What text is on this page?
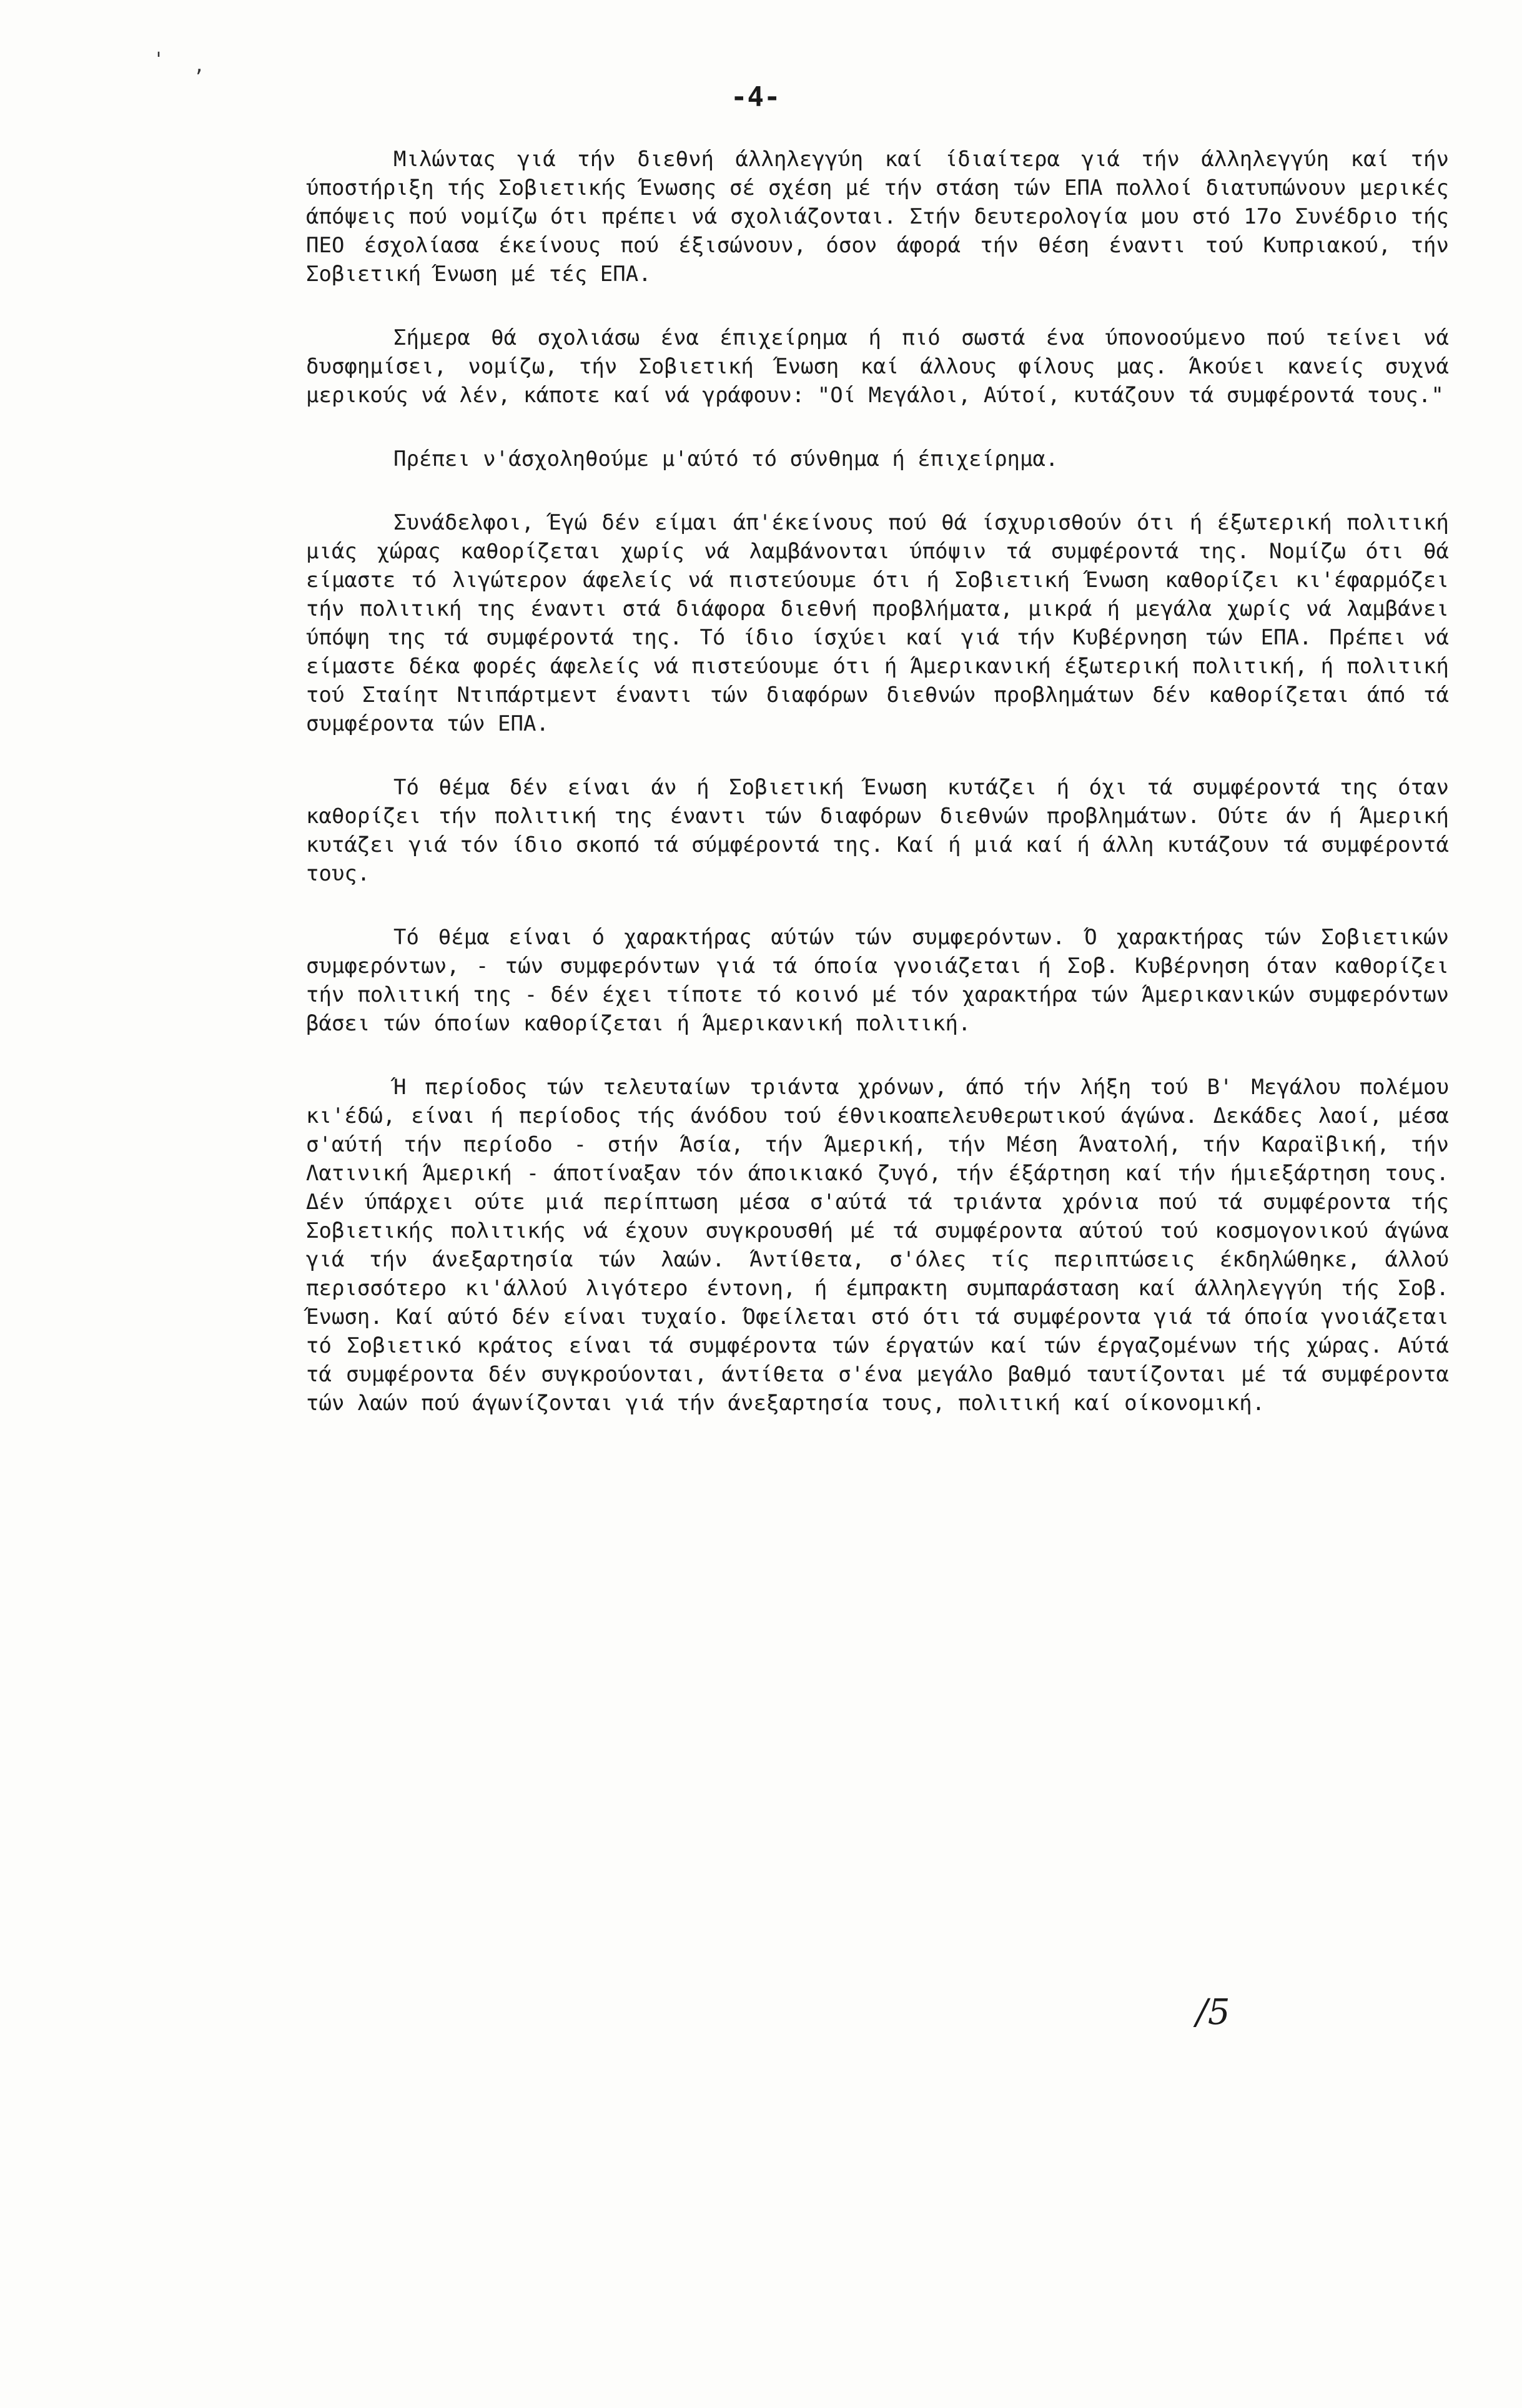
' ,
-4-

Μιλώντας γιά τήν διεθνή άλληλεγγύη καί ίδιαίτερα γιά τήν άλληλεγγύη καί τήν ύποστήριξη τής Σοβιετικής Ένωσης σέ σχέση μέ τήν στάση τών ΕΠΑ πολλοί διατυπώνουν μερικές άπόψεις πού νομίζω ότι πρέπει νά σχολιάζονται. Στήν δευτερολογία μου στό 17ο Συνέδριο τής ΠΕΟ έσχολίασα έκείνους πού έξισώνουν, όσον άφορά τήν θέση έναντι τού Κυπριακού, τήν Σοβιετική Ένωση μέ τές ΕΠΑ.

Σήμερα θά σχολιάσω ένα έπιχείρημα ή πιό σωστά ένα ύπονοούμενο πού τείνει νά δυσφημίσει, νομίζω, τήν Σοβιετική Ένωση καί άλλους φίλους μας. Άκούει κανείς συχνά μερικούς νά λέν, κάποτε καί νά γράφουν: "Οί Μεγάλοι, Αύτοί, κυτάζουν τά συμφέροντά τους."

Πρέπει ν'άσχοληθούμε μ'αύτό τό σύνθημα ή έπιχείρημα.

Συνάδελφοι, Έγώ δέν είμαι άπ'έκείνους πού θά ίσχυρισθούν ότι ή έξωτερική πολιτική μιάς χώρας καθορίζεται χωρίς νά λαμβάνονται ύπόψιν τά συμφέροντά της. Νομίζω ότι θά είμαστε τό λιγώτερον άφελείς νά πιστεύουμε ότι ή Σοβιετική Ένωση καθορίζει κι'έφαρμόζει τήν πολιτική της έναντι στά διάφορα διεθνή προβλήματα, μικρά ή μεγάλα χωρίς νά λαμβάνει ύπόψη της τά συμφέροντά της. Τό ίδιο ίσχύει καί γιά τήν Κυβέρνηση τών ΕΠΑ. Πρέπει νά είμαστε δέκα φορές άφελείς νά πιστεύουμε ότι ή Άμερικανική έξωτερική πολιτική, ή πολιτική τού Σταίητ Ντιπάρτμεντ έναντι τών διαφόρων διεθνών προβλημάτων δέν καθορίζεται άπό τά συμφέροντα τών ΕΠΑ.

Τό θέμα δέν είναι άν ή Σοβιετική Ένωση κυτάζει ή όχι τά συμφέροντά της όταν καθορίζει τήν πολιτική της έναντι τών διαφόρων διεθνών προβλημάτων. Ούτε άν ή Άμερική κυτάζει γιά τόν ίδιο σκοπό τά σύμφέροντά της. Καί ή μιά καί ή άλλη κυτάζουν τά συμφέροντά τους.

Τό θέμα είναι ό χαρακτήρας αύτών τών συμφερόντων. Ό χαρακτήρας τών Σοβιετικών συμφερόντων, - τών συμφερόντων γιά τά όποία γνοιάζεται ή Σοβ. Κυβέρνηση όταν καθορίζει τήν πολιτική της - δέν έχει τίποτε τό κοινό μέ τόν χαρακτήρα τών Άμερικανικών συμφερόντων βάσει τών όποίων καθορίζεται ή Άμερικανική πολιτική.

Ή περίοδος τών τελευταίων τριάντα χρόνων, άπό τήν λήξη τού Β' Μεγάλου πολέμου κι'έδώ, είναι ή περίοδος τής άνόδου τού έθνικοαπελευθερωτικού άγώνα. Δεκάδες λαοί, μέσα σ'αύτή τήν περίοδο - στήν Άσία, τήν Άμερική, τήν Μέση Άνατολή, τήν Καραϊβική, τήν Λατινική Άμερική - άποτίναξαν τόν άποικιακό ζυγό, τήν έξάρτηση καί τήν ήμιεξάρτηση τους. Δέν ύπάρχει ούτε μιά περίπτωση μέσα σ'αύτά τά τριάντα χρόνια πού τά συμφέροντα τής Σοβιετικής πολιτικής νά έχουν συγκρουσθή μέ τά συμφέροντα αύτού τού κοσμογονικού άγώνα γιά τήν άνεξαρτησία τών λαών. Άντίθετα, σ'όλες τίς περιπτώσεις έκδηλώθηκε, άλλού περισσότερο κι'άλλού λιγότερο έντονη, ή έμπρακτη συμπαράσταση καί άλληλεγγύη τής Σοβ. Ένωση. Καί αύτό δέν είναι τυχαίο. Όφείλεται στό ότι τά συμφέροντα γιά τά όποία γνοιάζεται τό Σοβιετικό κράτος είναι τά συμφέροντα τών έργατών καί τών έργαζομένων τής χώρας. Αύτά τά συμφέροντα δέν συγκρούονται, άντίθετα σ'ένα μεγάλο βαθμό ταυτίζονται μέ τά συμφέροντα τών λαών πού άγωνίζονται γιά τήν άνεξαρτησία τους, πολιτική καί οίκονομική.

/5
